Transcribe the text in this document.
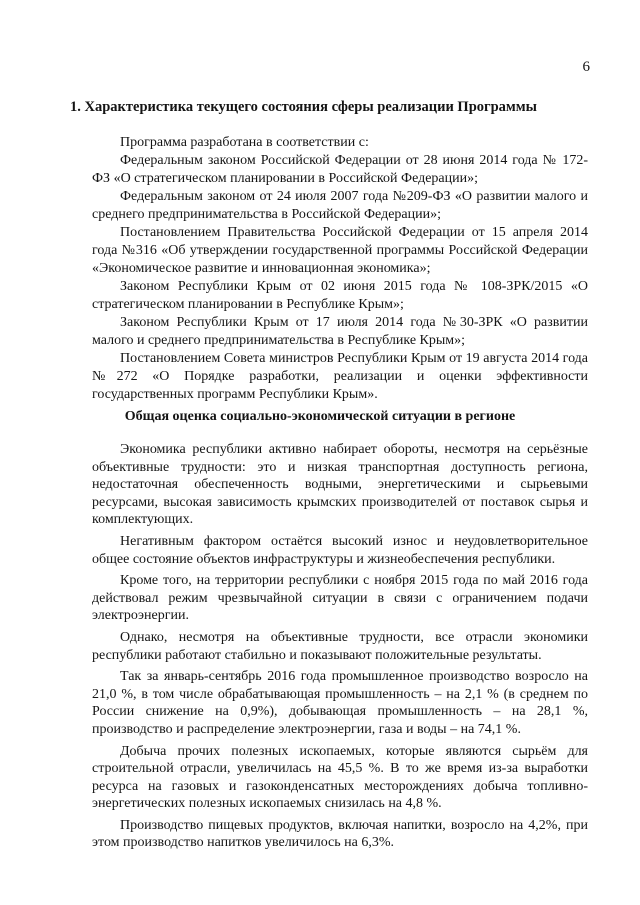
6
1. Характеристика текущего состояния сферы реализации Программы

Программа разработана в соответствии с:

Федеральным законом Российской Федерации от 28 июня 2014 года № 172-ФЗ «О стратегическом планировании в Российской Федерации»;

Федеральным законом от 24 июля 2007 года №209-ФЗ «О развитии малого и среднего предпринимательства в Российской Федерации»;

Постановлением Правительства Российской Федерации от 15 апреля 2014 года №316 «Об утверждении государственной программы Российской Федерации «Экономическое развитие и инновационная экономика»;

Законом Республики Крым от 02 июня 2015 года № 108-ЗРК/2015 «О стратегическом планировании в Республике Крым»;

Законом Республики Крым от 17 июля 2014 года №30-ЗРК «О развитии малого и среднего предпринимательства в Республике Крым»;

Постановлением Совета министров Республики Крым от 19 августа 2014 года №272 «О Порядке разработки, реализации и оценки эффективности государственных программ Республики Крым».

Общая оценка социально-экономической ситуации в регионе

Экономика республики активно набирает обороты, несмотря на серьёзные объективные трудности: это и низкая транспортная доступность региона, недостаточная обеспеченность водными, энергетическими и сырьевыми ресурсами, высокая зависимость крымских производителей от поставок сырья и комплектующих.

Негативным фактором остаётся высокий износ и неудовлетворительное общее состояние объектов инфраструктуры и жизнеобеспечения республики.

Кроме того, на территории республики с ноября 2015 года по май 2016 года действовал режим чрезвычайной ситуации в связи с ограничением подачи электроэнергии.

Однако, несмотря на объективные трудности, все отрасли экономики республики работают стабильно и показывают положительные результаты.

Так за январь-сентябрь 2016 года промышленное производство возросло на 21,0 %, в том числе обрабатывающая промышленность – на 2,1 % (в среднем по России снижение на 0,9%), добывающая промышленность – на 28,1 %, производство и распределение электроэнергии, газа и воды – на 74,1 %.

Добыча прочих полезных ископаемых, которые являются сырьём для строительной отрасли, увеличилась на 45,5 %. В то же время из-за выработки ресурса на газовых и газоконденсатных месторождениях добыча топливно-энергетических полезных ископаемых снизилась на 4,8 %.

Производство пищевых продуктов, включая напитки, возросло на 4,2%, при этом производство напитков увеличилось на 6,3%.
